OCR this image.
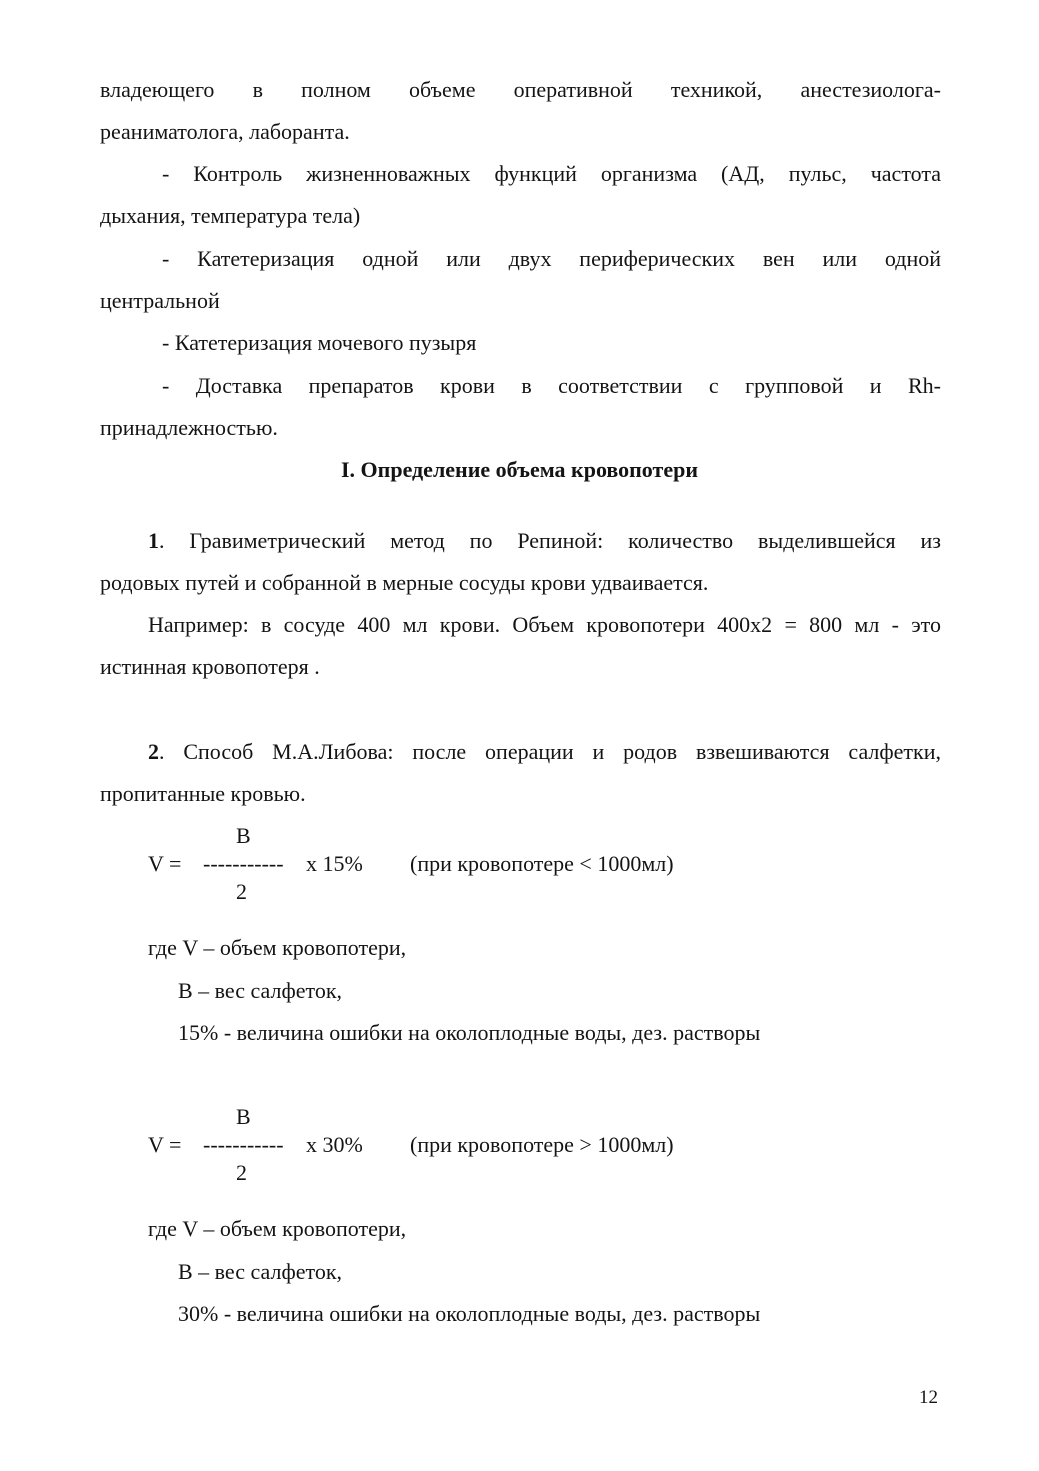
владеющего в полном объеме оперативной техникой, анестезиолога-
реаниматолога, лаборанта.
- Контроль жизненноважных функций организма (АД, пульс, частота
дыхания, температура тела)
- Катетеризация одной или двух периферических вен или одной
центральной
- Катетеризация мочевого пузыря
- Доставка препаратов крови в соответствии с групповой и Rh-
принадлежностью.
I. Определение объема кровопотери
1. Гравиметрический метод по Репиной: количество выделившейся из
родовых путей и собранной в мерные сосуды крови удваивается.
Например: в сосуде 400 мл крови. Объем кровопотери 400х2 = 800 мл - это
истинная кровопотеря .
2. Способ М.А.Либова: после операции и родов взвешиваются салфетки,
пропитанные кровью.
B
V = ----------- x 15% (при кровопотере < 1000мл)
2
где V – объем кровопотери,
B – вес салфеток,
15% - величина ошибки на околоплодные воды, дез. растворы
B
V = ----------- x 30% (при кровопотере > 1000мл)
2
где V – объем кровопотери,
B – вес салфеток,
30% - величина ошибки на околоплодные воды, дез. растворы
12
